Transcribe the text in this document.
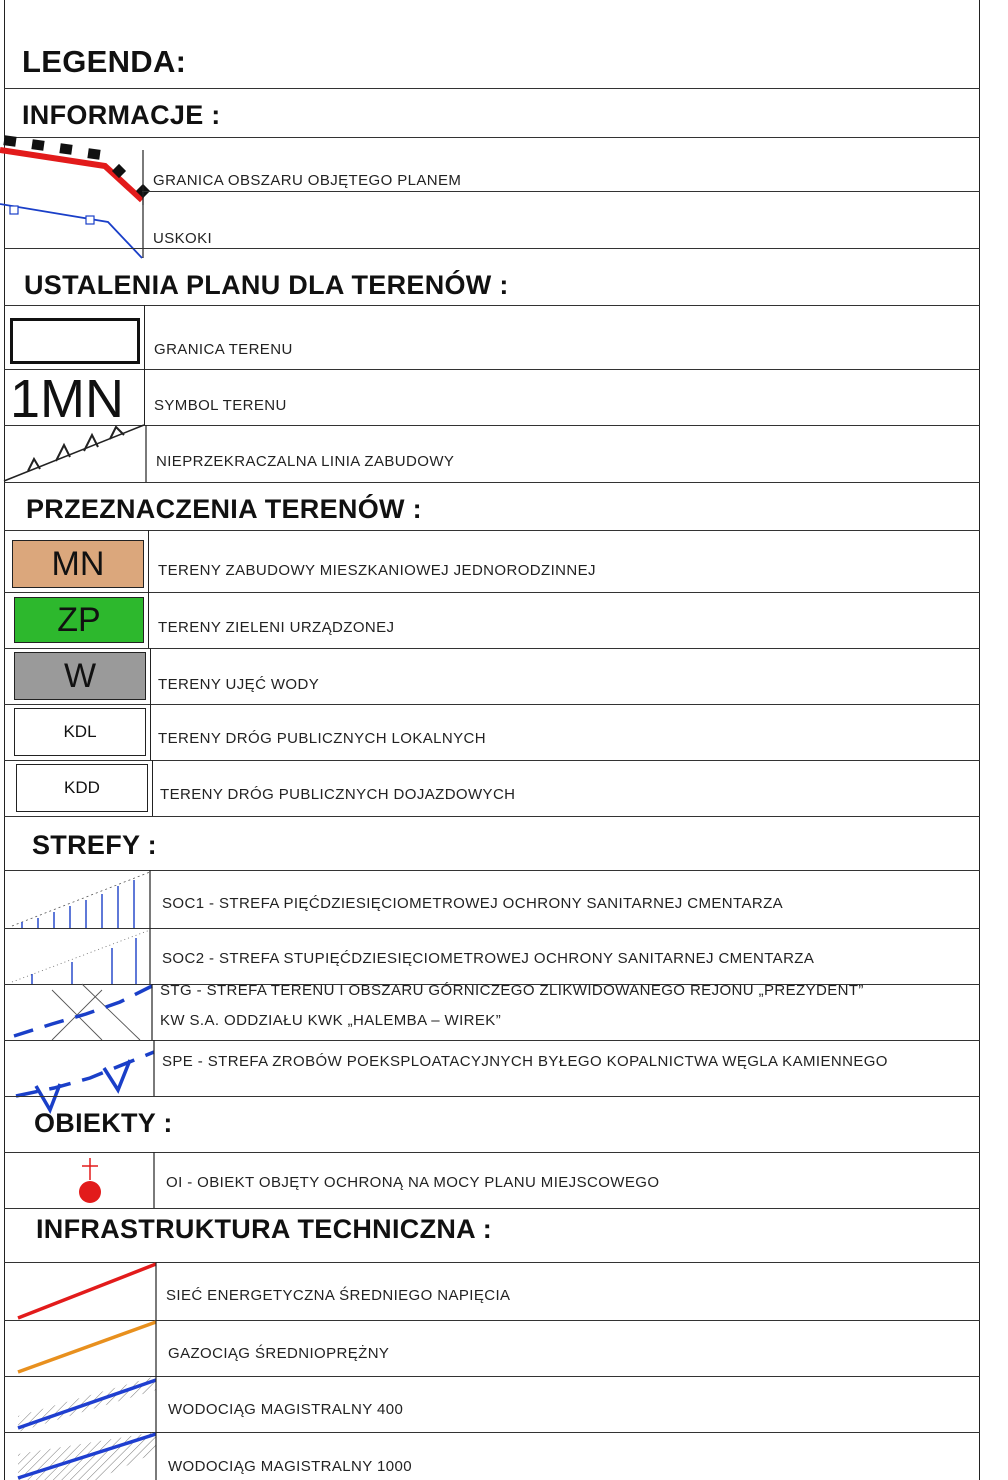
LEGENDA:
INFORMACJE :
GRANICA OBSZARU OBJĘTEGO PLANEM
USKOKI
USTALENIA PLANU DLA TERENÓW :
GRANICA TERENU
1MN SYMBOL TERENU
NIEPRZEKRACZALNA LINIA ZABUDOWY
PRZEZNACZENIA TERENÓW :
MN	TERENY ZABUDOWY MIESZKANIOWEJ JEDNORODZINNEJ
ZP	TERENY ZIELENI URZĄDZONEJ
W	TERENY UJĘĆ WODY
KDL	TERENY DRÓG PUBLICZNYCH LOKALNYCH
KDD	TERENY DRÓG PUBLICZNYCH DOJAZDOWYCH
STREFY :
SOC1 - STREFA PIĘĆDZIESIĘCIOMETROWEJ OCHRONY SANITARNEJ CMENTARZA
SOC2 - STREFA STUPIĘĆDZIESIĘCIOMETROWEJ OCHRONY SANITARNEJ CMENTARZA
STG - STREFA TERENU I OBSZARU GÓRNICZEGO ZLIKWIDOWANEGO REJONU „PREZYDENT”
KW S.A. ODDZIAŁU KWK „HALEMBA – WIREK”
SPE - STREFA ZROBÓW POEKSPLOATACYJNYCH BYŁEGO KOPALNICTWA WĘGLA KAMIENNEGO
OBIEKTY :
OI - OBIEKT OBJĘTY OCHRONĄ NA MOCY PLANU MIEJSCOWEGO
INFRASTRUKTURA TECHNICZNA :
SIEĆ ENERGETYCZNA ŚREDNIEGO NAPIĘCIA
GAZOCIĄG ŚREDNIOPRĘŻNY
WODOCIĄG MAGISTRALNY 400
WODOCIĄG MAGISTRALNY 1000
